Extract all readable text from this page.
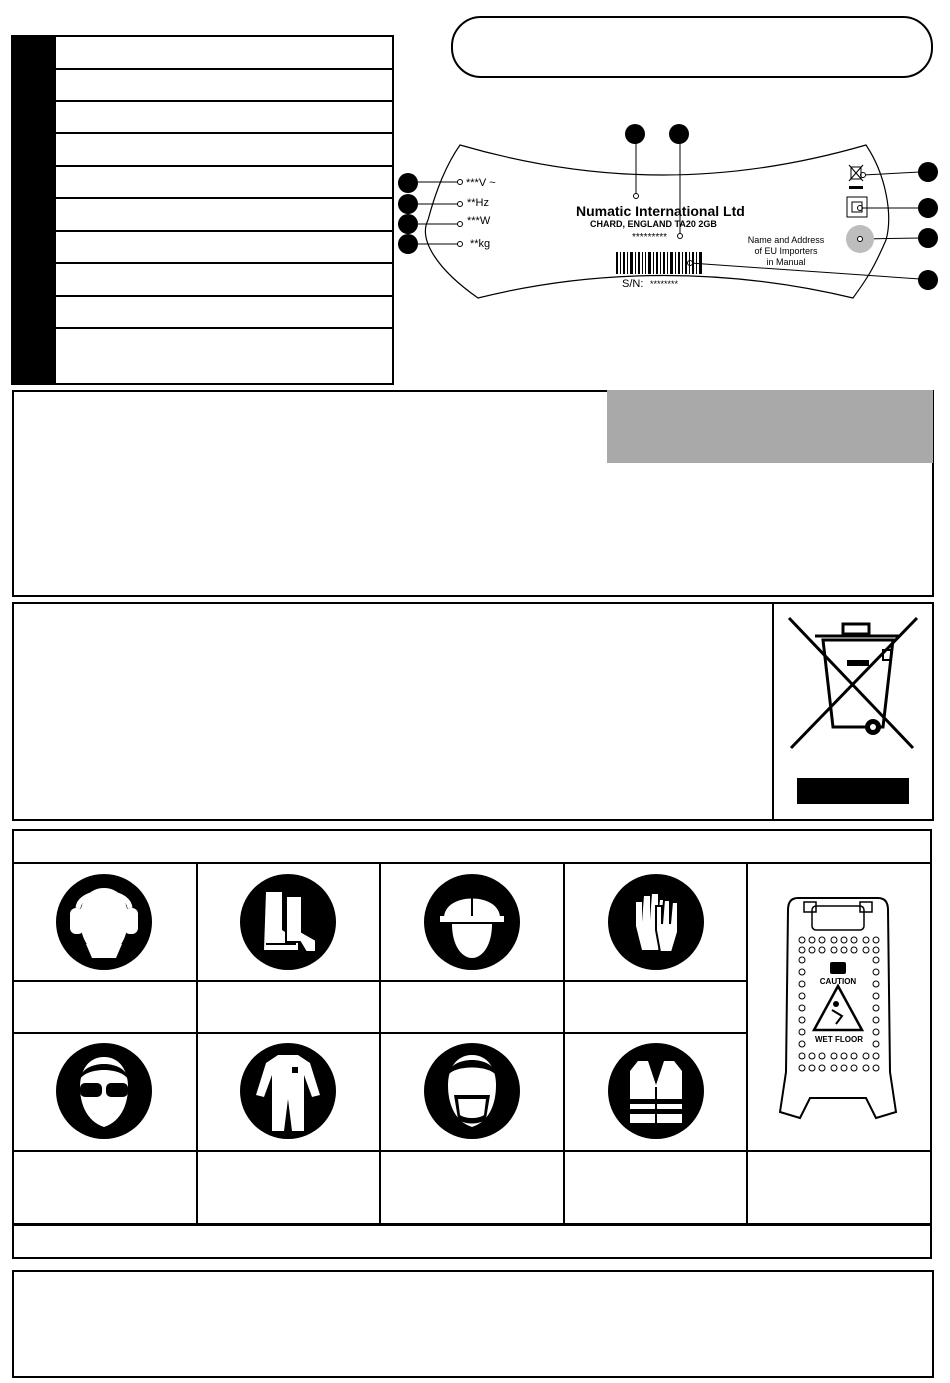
***V ~
**Hz
***W
**kg
Numatic International Ltd
CHARD, ENGLAND TA20 2GB
*********
S/N: ********
Name and Address
of EU Importers
in Manual
CAUTION
WET FLOOR
